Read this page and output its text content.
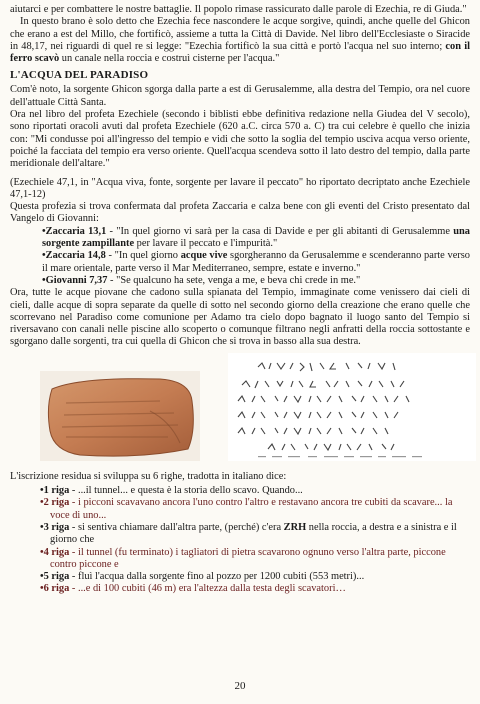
aiutarci e per combattere le nostre battaglie. Il popolo rimase rassicurato dalle parole di Ezechia, re di Giuda."

In questo brano è solo detto che Ezechia fece nascondere le acque sorgive, quindi, anche quelle del Ghicon che erano a est del Millo, che fortificò, assieme a tutta la Città di Davide. Nel libro dell'Ecclesiaste o Siracide in 48,17, nei riguardi di quel re si legge: "Ezechia fortificò la sua città e portò l'acqua nel suo interno; con il ferro scavò un canale nella roccia e costruì cisterne per l'acqua."

L'ACQUA DEL PARADISO

Com'è noto, la sorgente Ghicon sgorga dalla parte a est di Gerusalemme, alla destra del Tempio, ora nel cuore dell'attuale Città Santa.

Ora nel libro del profeta Ezechiele (secondo i biblisti ebbe definitiva redazione nella Giudea del V secolo), sono riportati oracoli avuti dal profeta Ezechiele (620 a.C. circa 570 a. C) tra cui celebre è quello che inizia con: "Mi condusse poi all'ingresso del tempio e vidi che sotto la soglia del tempio usciva acqua verso oriente, poiché la facciata del tempio era verso oriente. Quell'acqua scendeva sotto il lato destro del tempio, dalla parte meridionale dell'altare."

(Ezechiele 47,1, in "Acqua viva, fonte, sorgente per lavare il peccato" ho riportato decriptato anche Ezechiele 47,1-12)

Questa profezia si trova confermata dal profeta Zaccaria e calza bene con gli eventi del Cristo presentato dal Vangelo di Giovanni:

•Zaccaria 13,1 - "In quel giorno vi sarà per la casa di Davide e per gli abitanti di Gerusalemme una sorgente zampillante per lavare il peccato e l'impurità."

•Zaccaria 14,8 - "In quel giorno acque vive sgorgheranno da Gerusalemme e scenderanno parte verso il mare orientale, parte verso il Mar Mediterraneo, sempre, estate e inverno."

•Giovanni 7,37 - "Se qualcuno ha sete, venga a me, e beva chi crede in me."

Ora, tutte le acque piovane che cadono sulla spianata del Tempio, immaginate come venissero dai cieli di cieli, dalle acque di sopra separate da quelle di sotto nel secondo giorno della creazione che erano quelle che scorrevano nel Paradiso come comunione per Adamo tra cielo dopo bagnato il luogo santo del Tempio si riversavano con canali nelle piscine allo scoperto o comunque filtrano negli anfratti della roccia sottostante e sgorgano dalle sorgenti, tra cui quella di Ghicon che si trova in basso alla sua destra.

L'iscrizione residua si sviluppa su 6 righe, tradotta in italiano dice:

•1 riga - ...il tunnel... e questa è la storia dello scavo. Quando...
•2 riga - i picconi scavavano ancora l'uno contro l'altro e restavano ancora tre cubiti da scavare... la voce di uno...
•3 riga - si sentiva chiamare dall'altra parte, (perché) c'era ZRH nella roccia, a destra e a sinistra e il giorno che
•4 riga - il tunnel (fu terminato) i tagliatori di pietra scavarono ognuno verso l'altra parte, piccone contro piccone e
•5 riga - fluì l'acqua dalla sorgente fino al pozzo per 1200 cubiti (553 metri)...
•6 riga - ...e di 100 cubiti (46 m) era l'altezza dalla testa degli scavatori…
20
